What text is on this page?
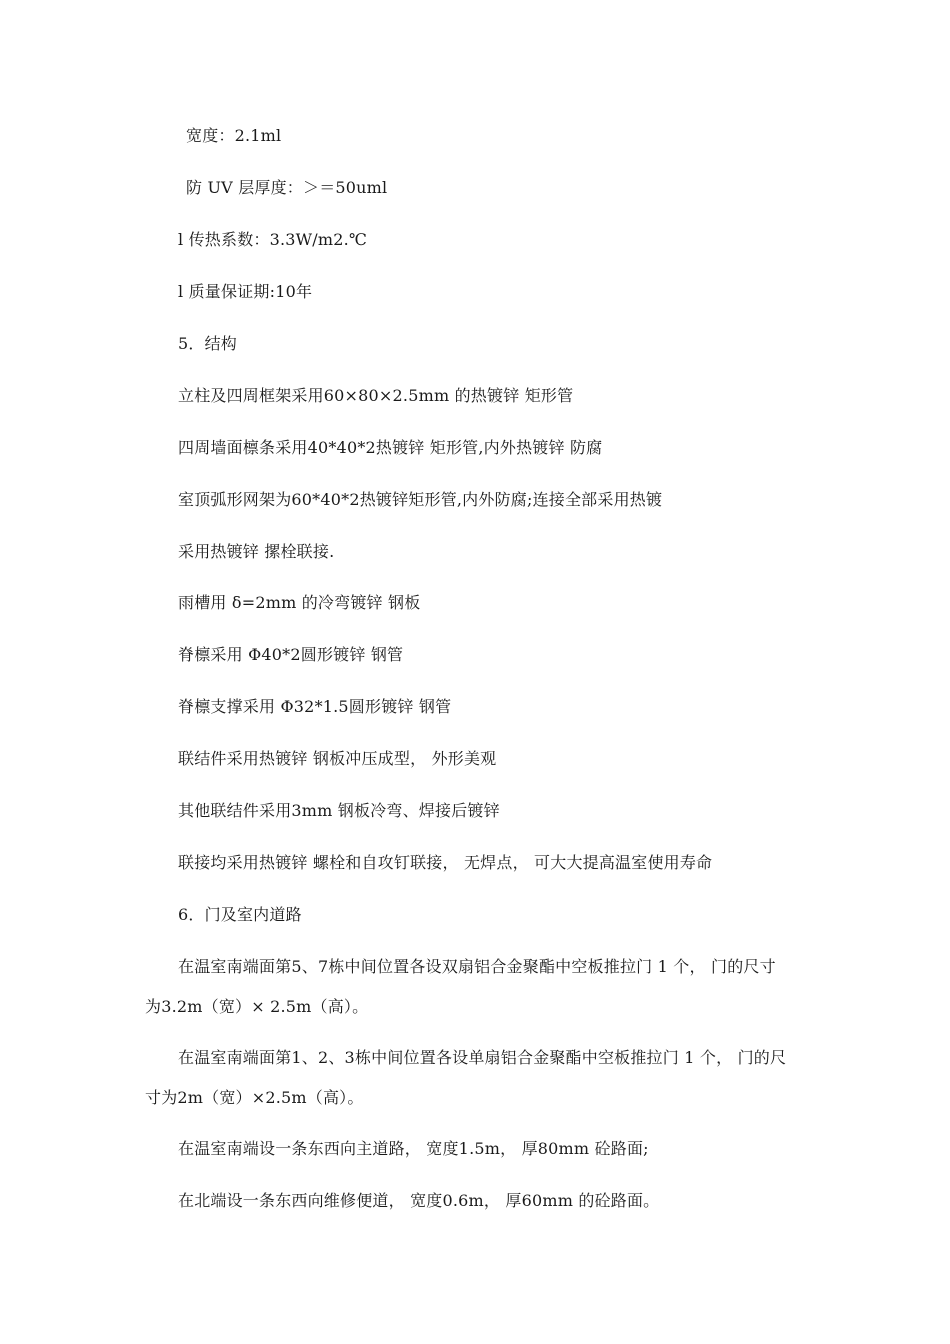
宽度：2.1ml
防 UV 层厚度：＞＝50uml
l 传热系数：3.3W/m2.℃
l 质量保证期:10年
5．结构
立柱及四周框架采用60×80×2.5mm 的热镀锌 矩形管
四周墙面檩条采用40*40*2热镀锌 矩形管,内外热镀锌 防腐
室顶弧形网架为60*40*2热镀锌矩形管,内外防腐;连接全部采用热镀
采用热镀锌 摞栓联接.
雨槽用 δ=2mm 的冷弯镀锌 钢板
脊檩采用 Φ40*2圆形镀锌 钢管
脊檩支撑采用 Φ32*1.5圆形镀锌 钢管
联结件采用热镀锌 钢板冲压成型， 外形美观
其他联结件采用3mm 钢板冷弯、焊接后镀锌
联接均采用热镀锌 螺栓和自攻钉联接， 无焊点， 可大大提高温室使用寿命
6．门及室内道路
在温室南端面第5、7栋中间位置各设双扇铝合金聚酯中空板推拉门 1 个， 门的尺寸
为3.2m（宽）× 2.5m（高）。
在温室南端面第1、2、3栋中间位置各设单扇铝合金聚酯中空板推拉门 1 个， 门的尺
寸为2m（宽）×2.5m（高）。
在温室南端设一条东西向主道路， 宽度1.5m， 厚80mm 砼路面;
在北端设一条东西向维修便道， 宽度0.6m， 厚60mm 的砼路面。
